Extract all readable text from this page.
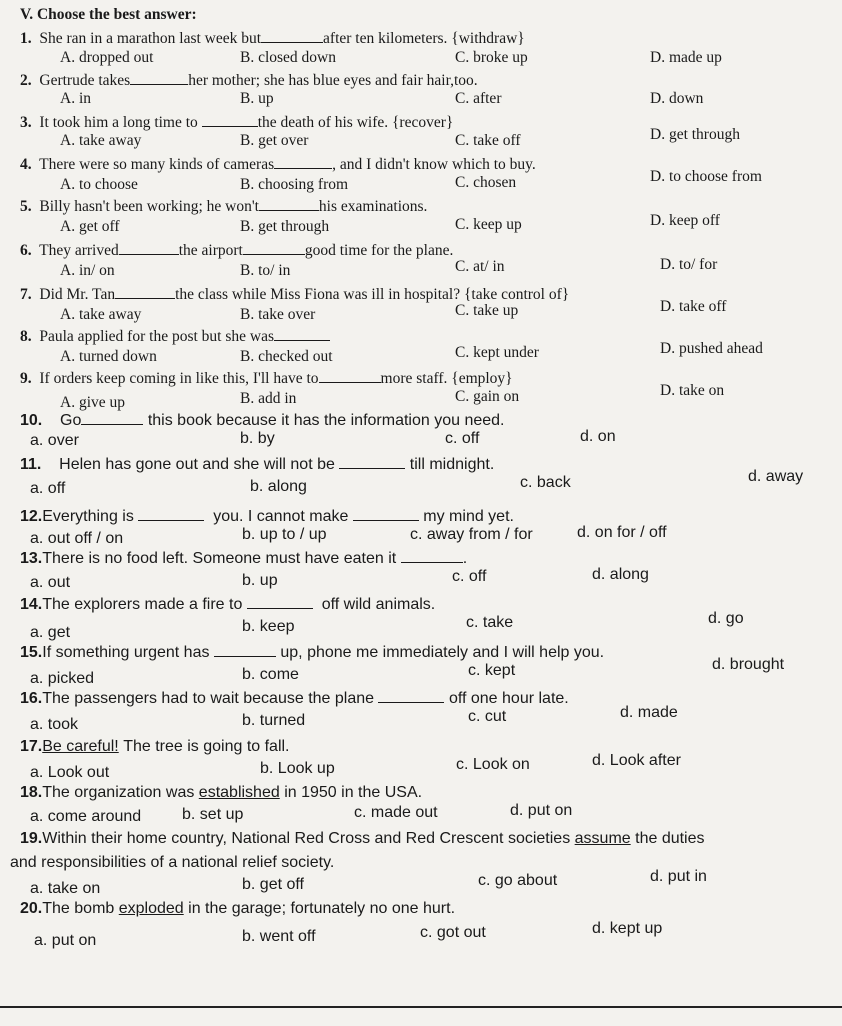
V. Choose the best answer:
1. She ran in a marathon last week but	after ten kilometers. {withdraw}
A. dropped out	B. closed down	C. broke up	D. made up
2. Gertrude takes	her mother; she has blue eyes and fair hair,too.
A. in	B. up	C. after	D. down
3. It took him a long time to	the death of his wife. {recover}
A. take away	B. get over	C. take off	D. get through
4. There were so many kinds of cameras	, and I didn't know which to buy.
A. to choose	B. choosing from	C. chosen	D. to choose from
5. Billy hasn't been working; he won't	his examinations.
A. get off	B. get through	C. keep up	D. keep off
6. They arrived	the airport	good time for the plane.
A. in/ on	B. to/ in	C. at/ in	D. to/ for
7. Did Mr. Tan	the class while Miss Fiona was ill in hospital? {take control of}
A. take away	B. take over	C. take up	D. take off
8. Paula applied for the post but she was
A. turned down	B. checked out	C. kept under	D. pushed ahead
9. If orders keep coming in like this, I'll have to	more staff. {employ}
A. give up	B. add in	C. gain on	D. take on
10. Go	this book because it has the information you need.
a. over	b. by	c. off	d. on
11. Helen has gone out and she will not be	till midnight.
a. off	b. along	c. back	d. away
12.Everything is	you. I cannot make	my mind yet.
a. out off / on	b. up to / up	c. away from / for	d. on for / off
13.There is no food left. Someone must have eaten it	.
a. out	b. up	c. off	d. along
14.The explorers made a fire to	off wild animals.
a. get	b. keep	c. take	d. go
15.If something urgent has	up, phone me immediately and I will help you.
a. picked	b. come	c. kept	d. brought
16.The passengers had to wait because the plane	off one hour late.
a. took	b. turned	c. cut	d. made
17.Be careful! The tree is going to fall.
a. Look out	b. Look up	c. Look on	d. Look after
18.The organization was established in 1950 in the USA.
a. come around	b. set up	c. made out	d. put on
19.Within their home country, National Red Cross and Red Crescent societies assume the duties
and responsibilities of a national relief society.
a. take on	b. get off	c. go about	d. put in
20.The bomb exploded in the garage; fortunately no one hurt.
a. put on	b. went off	c. got out	d. kept up
